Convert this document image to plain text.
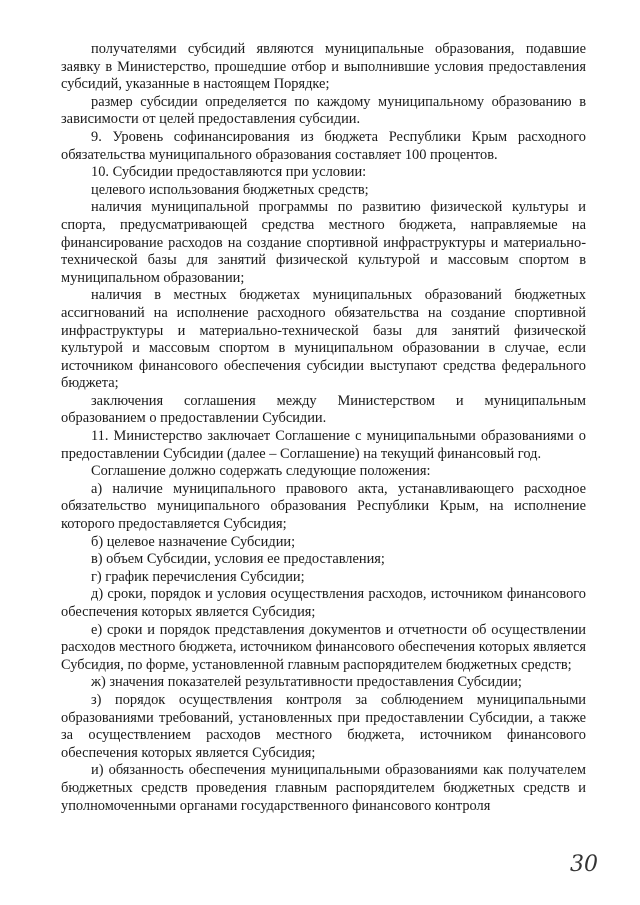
получателями субсидий являются муниципальные образования, подавшие заявку в Министерство, прошедшие отбор и выполнившие условия предоставления субсидий, указанные в настоящем Порядке;

размер субсидии определяется по каждому муниципальному образованию в зависимости от целей предоставления субсидии.

9. Уровень софинансирования из бюджета Республики Крым расходного обязательства муниципального образования составляет 100 процентов.

10. Субсидии предоставляются при условии:

целевого использования бюджетных средств;

наличия муниципальной программы по развитию физической культуры и спорта, предусматривающей средства местного бюджета, направляемые на финансирование расходов на создание спортивной инфраструктуры и материально-технической базы для занятий физической культурой и массовым спортом в муниципальном образовании;

наличия в местных бюджетах муниципальных образований бюджетных ассигнований на исполнение расходного обязательства на создание спортивной инфраструктуры и материально-технической базы для занятий физической культурой и массовым спортом в муниципальном образовании в случае, если источником финансового обеспечения субсидии выступают средства федерального бюджета;

заключения соглашения между Министерством и муниципальным образованием о предоставлении Субсидии.

11. Министерство заключает Соглашение с муниципальными образованиями о предоставлении Субсидии (далее – Соглашение) на текущий финансовый год.

Соглашение должно содержать следующие положения:

а) наличие муниципального правового акта, устанавливающего расходное обязательство муниципального образования Республики Крым, на исполнение которого предоставляется Субсидия;

б) целевое назначение Субсидии;

в) объем Субсидии, условия ее предоставления;

г) график перечисления Субсидии;

д) сроки, порядок и условия осуществления расходов, источником финансового обеспечения которых является Субсидия;

е) сроки и порядок представления документов и отчетности об осуществлении расходов местного бюджета, источником финансового обеспечения которых является Субсидия, по форме, установленной главным распорядителем бюджетных средств;

ж) значения показателей результативности предоставления Субсидии;

з) порядок осуществления контроля за соблюдением муниципальными образованиями требований, установленных при предоставлении Субсидии, а также за осуществлением расходов местного бюджета, источником финансового обеспечения которых является Субсидия;

и) обязанность обеспечения муниципальными образованиями как получателем бюджетных средств проведения главным распорядителем бюджетных средств и уполномоченными органами государственного финансового контроля

30
